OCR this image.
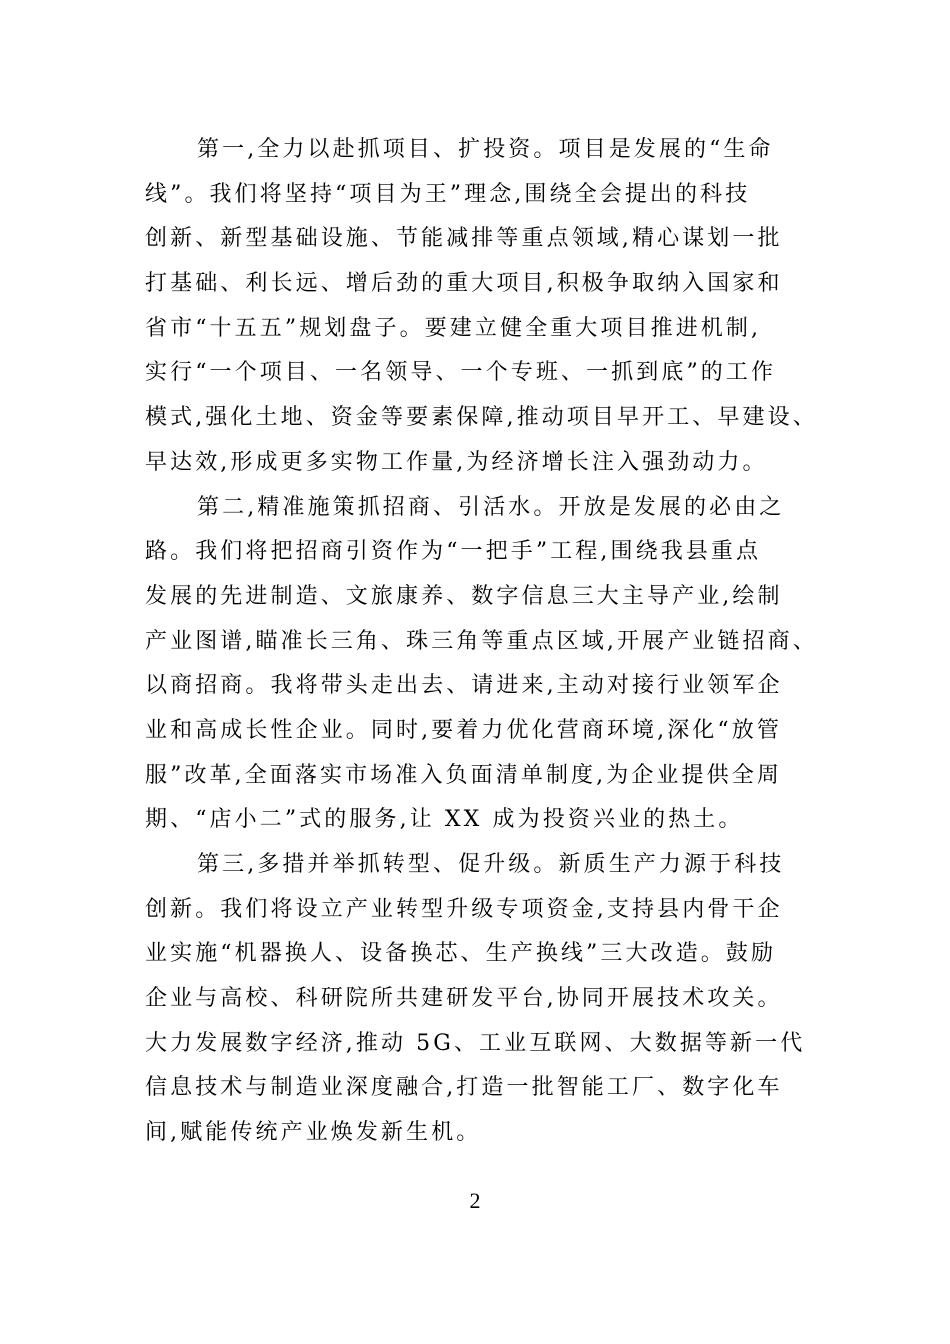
第一,全力以赴抓项目、扩投资。项目是发展的“生命
线”。我们将坚持“项目为王”理念,围绕全会提出的科技
创新、新型基础设施、节能减排等重点领域,精心谋划一批
打基础、利长远、增后劲的重大项目,积极争取纳入国家和
省市“十五五”规划盘子。要建立健全重大项目推进机制,
实行“一个项目、一名领导、一个专班、一抓到底”的工作
模式,强化土地、资金等要素保障,推动项目早开工、早建设、
早达效,形成更多实物工作量,为经济增长注入强劲动力。
第二,精准施策抓招商、引活水。开放是发展的必由之
路。我们将把招商引资作为“一把手”工程,围绕我县重点
发展的先进制造、文旅康养、数字信息三大主导产业,绘制
产业图谱,瞄准长三角、珠三角等重点区域,开展产业链招商、
以商招商。我将带头走出去、请进来,主动对接行业领军企
业和高成长性企业。同时,要着力优化营商环境,深化“放管
服”改革,全面落实市场准入负面清单制度,为企业提供全周
期、“店小二”式的服务,让 XX 成为投资兴业的热土。
第三,多措并举抓转型、促升级。新质生产力源于科技
创新。我们将设立产业转型升级专项资金,支持县内骨干企
业实施“机器换人、设备换芯、生产换线”三大改造。鼓励
企业与高校、科研院所共建研发平台,协同开展技术攻关。
大力发展数字经济,推动 5G、工业互联网、大数据等新一代
信息技术与制造业深度融合,打造一批智能工厂、数字化车
间,赋能传统产业焕发新生机。
2
